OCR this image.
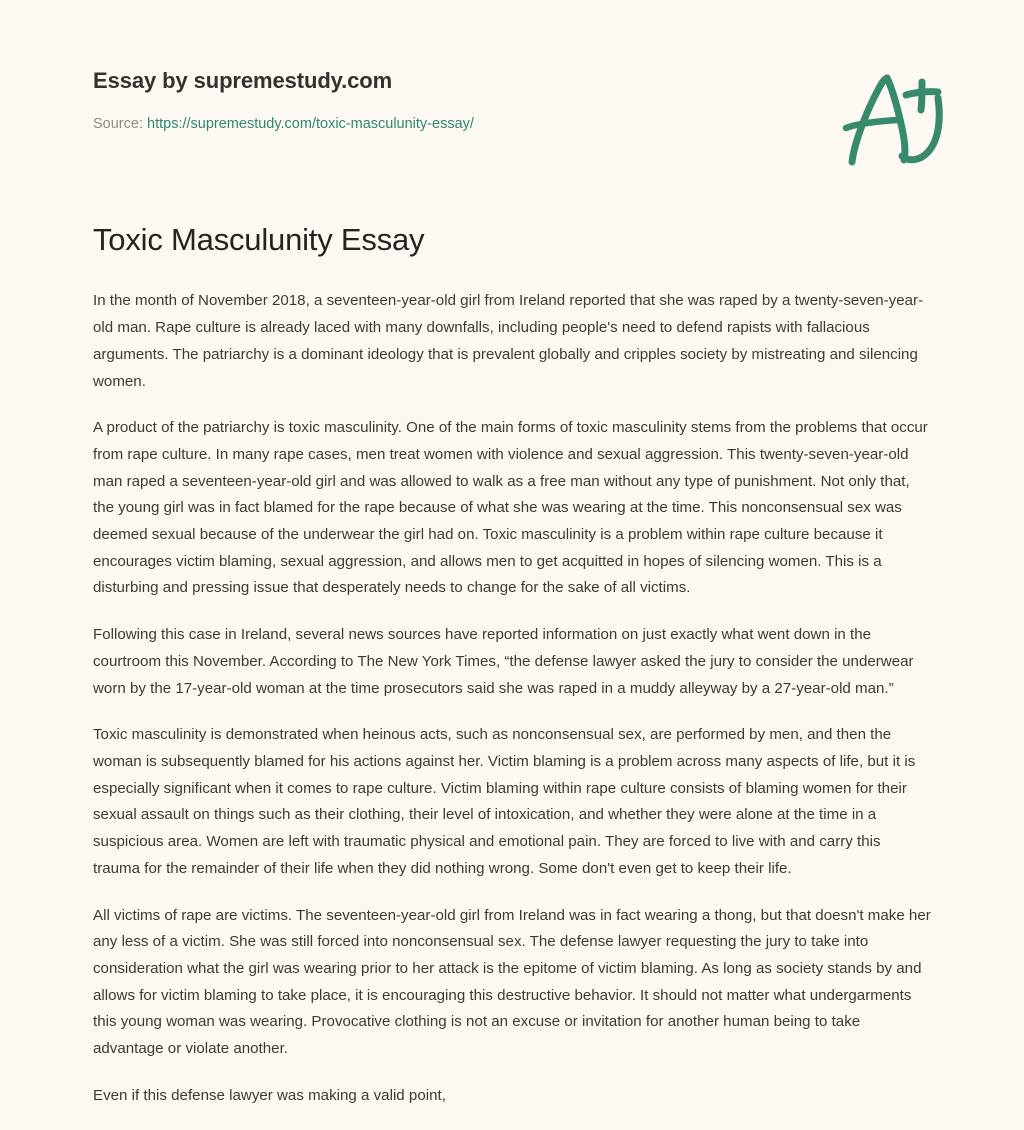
Essay by supremestudy.com
Source: https://supremestudy.com/toxic-masculunity-essay/
Toxic Masculunity Essay

In the month of November 2018, a seventeen-year-old girl from Ireland reported that she was raped by a twenty-seven-year-old man. Rape culture is already laced with many downfalls, including people's need to defend rapists with fallacious arguments. The patriarchy is a dominant ideology that is prevalent globally and cripples society by mistreating and silencing women.

A product of the patriarchy is toxic masculinity. One of the main forms of toxic masculinity stems from the problems that occur from rape culture. In many rape cases, men treat women with violence and sexual aggression. This twenty-seven-year-old man raped a seventeen-year-old girl and was allowed to walk as a free man without any type of punishment. Not only that, the young girl was in fact blamed for the rape because of what she was wearing at the time. This nonconsensual sex was deemed sexual because of the underwear the girl had on. Toxic masculinity is a problem within rape culture because it encourages victim blaming, sexual aggression, and allows men to get acquitted in hopes of silencing women. This is a disturbing and pressing issue that desperately needs to change for the sake of all victims.

Following this case in Ireland, several news sources have reported information on just exactly what went down in the courtroom this November. According to The New York Times, “the defense lawyer asked the jury to consider the underwear worn by the 17-year-old woman at the time prosecutors said she was raped in a muddy alleyway by a 27-year-old man.”

Toxic masculinity is demonstrated when heinous acts, such as nonconsensual sex, are performed by men, and then the woman is subsequently blamed for his actions against her. Victim blaming is a problem across many aspects of life, but it is especially significant when it comes to rape culture. Victim blaming within rape culture consists of blaming women for their sexual assault on things such as their clothing, their level of intoxication, and whether they were alone at the time in a suspicious area. Women are left with traumatic physical and emotional pain. They are forced to live with and carry this trauma for the remainder of their life when they did nothing wrong. Some don't even get to keep their life.

All victims of rape are victims. The seventeen-year-old girl from Ireland was in fact wearing a thong, but that doesn't make her any less of a victim. She was still forced into nonconsensual sex. The defense lawyer requesting the jury to take into consideration what the girl was wearing prior to her attack is the epitome of victim blaming. As long as society stands by and allows for victim blaming to take place, it is encouraging this destructive behavior. It should not matter what undergarments this young woman was wearing. Provocative clothing is not an excuse or invitation for another human being to take advantage or violate another.

Even if this defense lawyer was making a valid point,
